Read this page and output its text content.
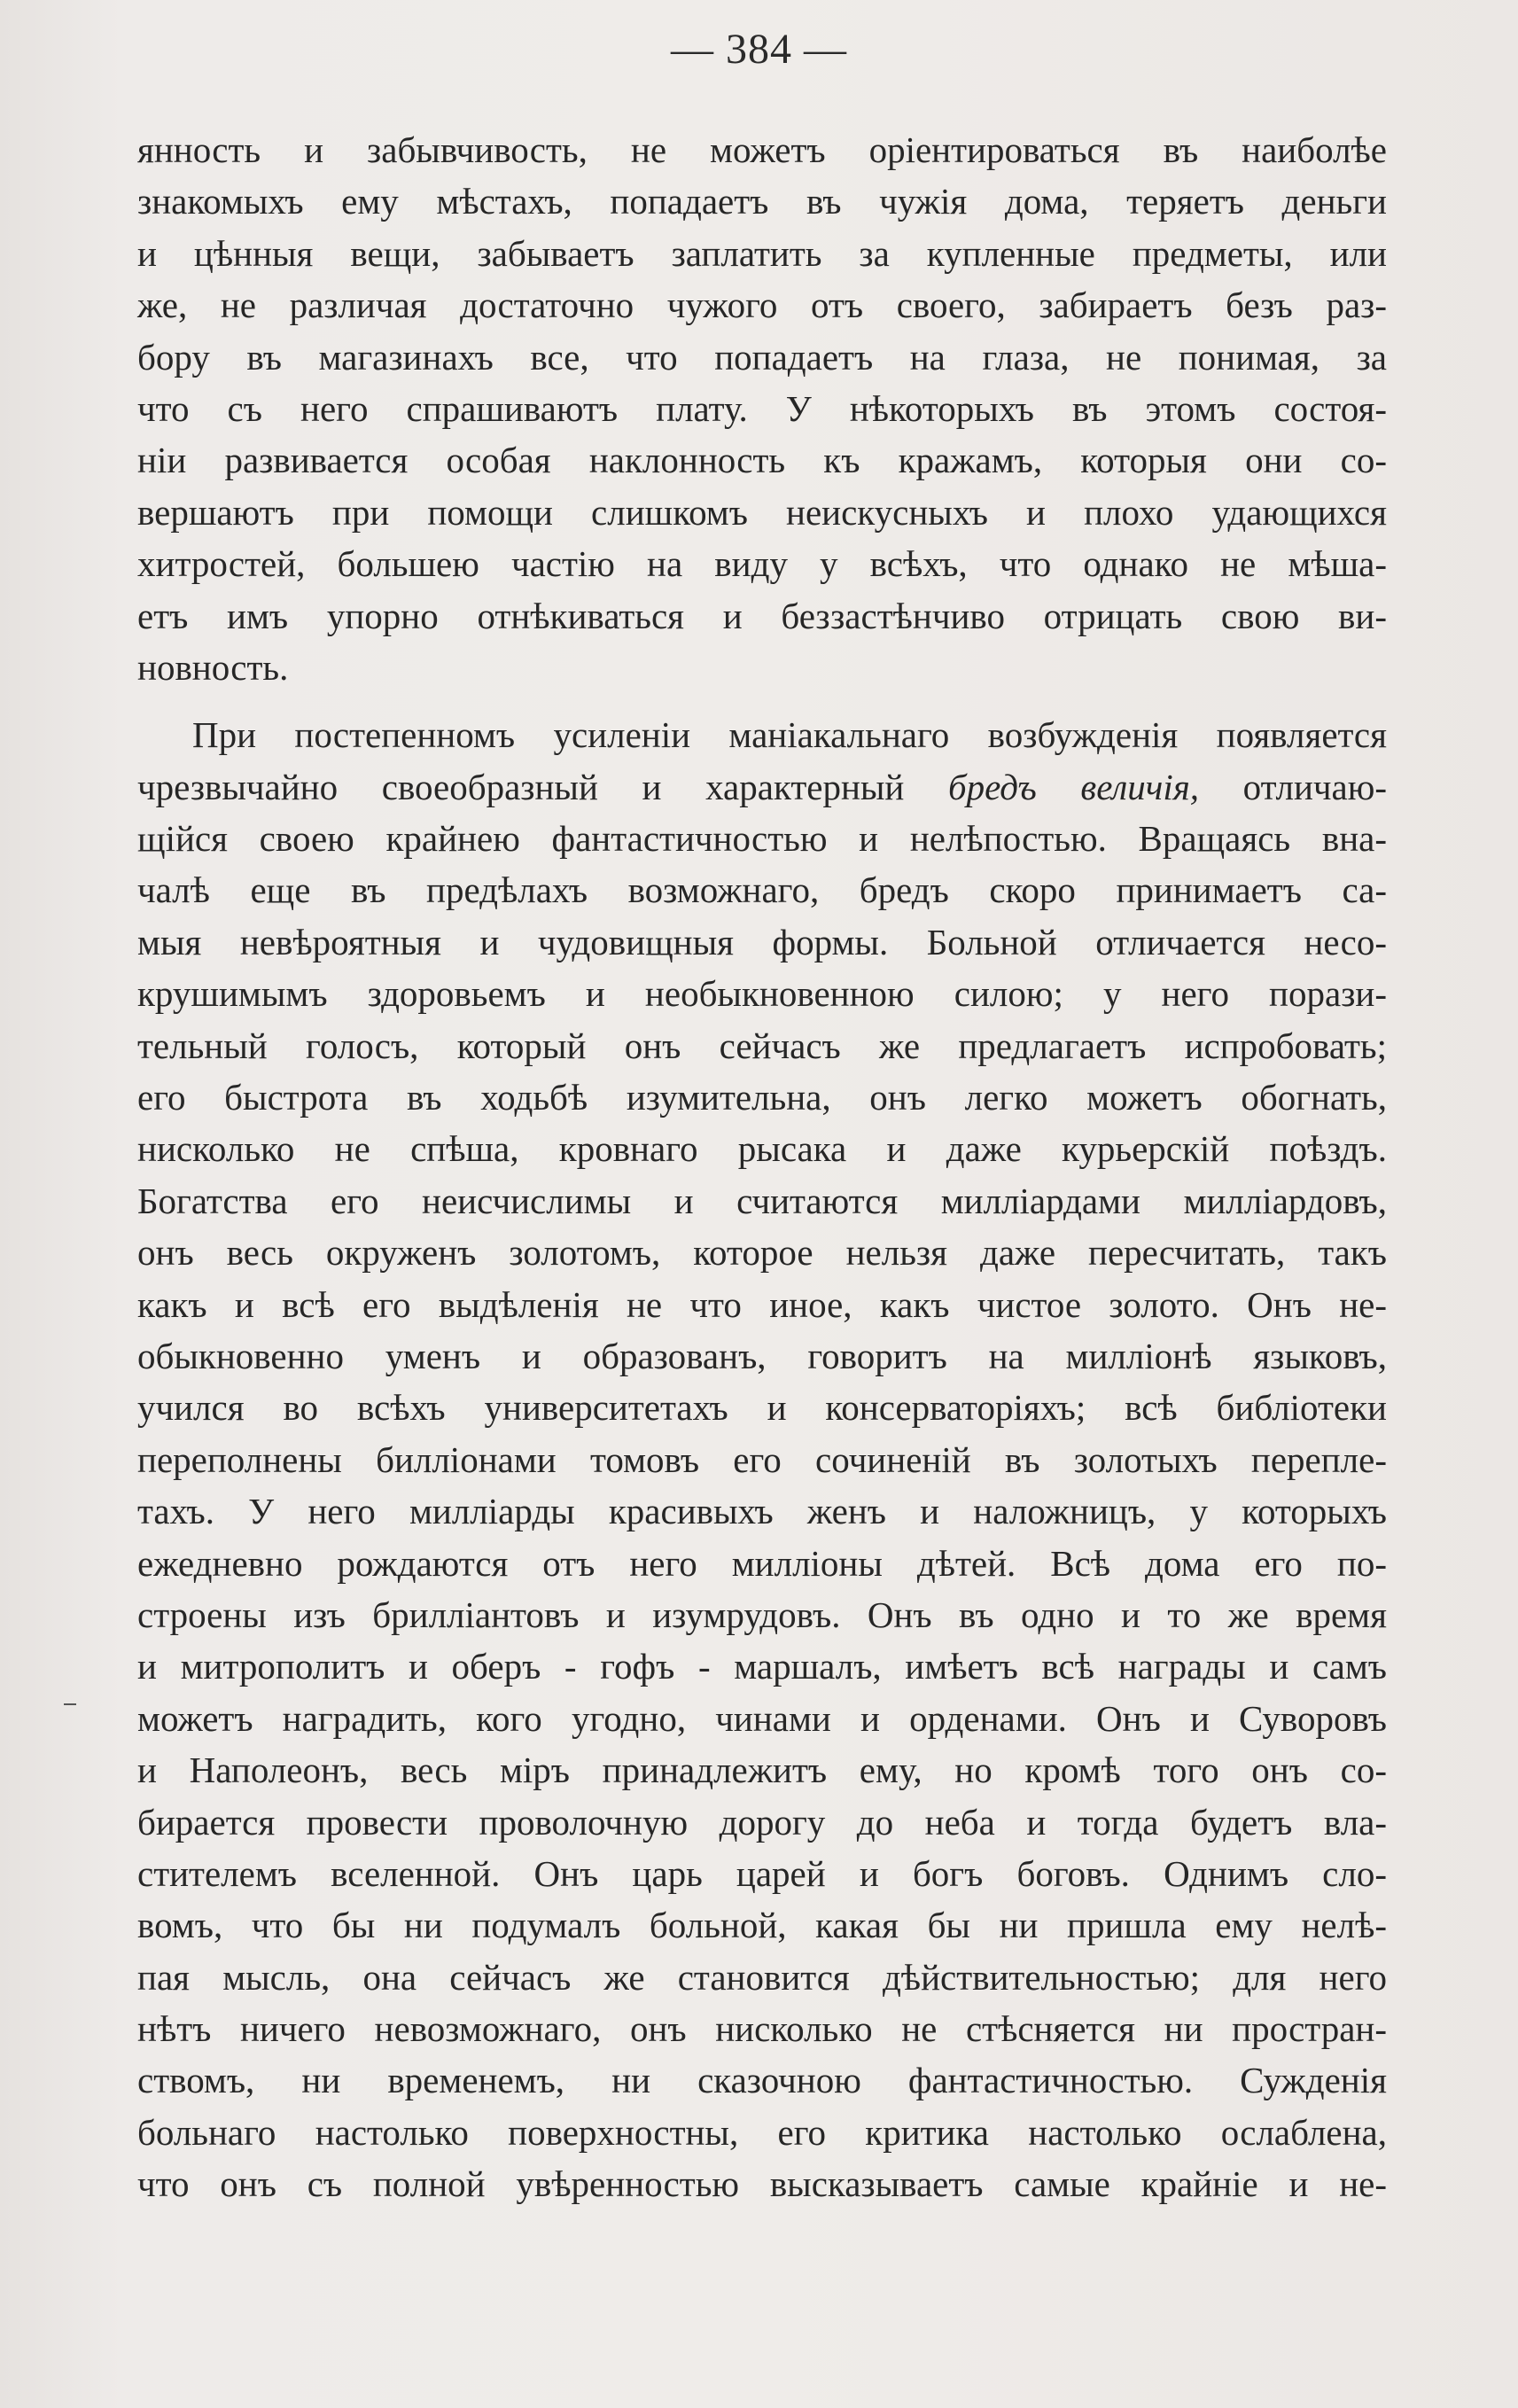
— 384 —
янность и забывчивость, не можетъ оріентироваться въ наиболѣе
знакомыхъ ему мѣстахъ, попадаетъ въ чужія дома, теряетъ деньги
и цѣнныя вещи, забываетъ заплатить за купленные предметы, или
же, не различая достаточно чужого отъ своего, забираетъ безъ раз-
бору въ магазинахъ все, что попадаетъ на глаза, не понимая, за
что съ него спрашиваютъ плату. У нѣкоторыхъ въ этомъ состоя-
ніи развивается особая наклонность къ кражамъ, которыя они со-
вершаютъ при помощи слишкомъ неискусныхъ и плохо удающихся
хитростей, большею частію на виду у всѣхъ, что однако не мѣша-
етъ имъ упорно отнѣкиваться и беззастѣнчиво отрицать свою ви-
новность.
При постепенномъ усиленіи маніакальнаго возбужденія появляется
чрезвычайно своеобразный и характерный бредъ величія, отличаю-
щійся своею крайнею фантастичностью и нелѣпостью. Вращаясь вна-
чалѣ еще въ предѣлахъ возможнаго, бредъ скоро принимаетъ са-
мыя невѣроятныя и чудовищныя формы. Больной отличается несо-
крушимымъ здоровьемъ и необыкновенною силою; у него порази-
тельный голосъ, который онъ сейчасъ же предлагаетъ испробовать;
его быстрота въ ходьбѣ изумительна, онъ легко можетъ обогнать,
нисколько не спѣша, кровнаго рысака и даже курьерскій поѣздъ.
Богатства его неисчислимы и считаются милліардами милліардовъ,
онъ весь окруженъ золотомъ, которое нельзя даже пересчитать, такъ
какъ и всѣ его выдѣленія не что иное, какъ чистое золото. Онъ не-
обыкновенно уменъ и образованъ, говоритъ на милліонѣ языковъ,
учился во всѣхъ университетахъ и консерваторіяхъ; всѣ библіотеки
переполнены билліонами томовъ его сочиненій въ золотыхъ перепле-
тахъ. У него милліарды красивыхъ женъ и наложницъ, у которыхъ
ежедневно рождаются отъ него милліоны дѣтей. Всѣ дома его по-
строены изъ бриллiантовъ и изумрудовъ. Онъ въ одно и то же время
и митрополитъ и оберъ - гофъ - маршалъ, имѣетъ всѣ награды и самъ
можетъ наградить, кого угодно, чинами и орденами. Онъ и Суворовъ
и Наполеонъ, весь міръ принадлежитъ ему, но кромѣ того онъ со-
бирается провести проволочную дорогу до неба и тогда будетъ вла-
стителемъ вселенной. Онъ царь царей и богъ боговъ. Однимъ сло-
вомъ, что бы ни подумалъ больной, какая бы ни пришла ему нелѣ-
пая мысль, она сейчасъ же становится дѣйствительностью; для него
нѣтъ ничего невозможнаго, онъ нисколько не стѣсняется ни простран-
ствомъ, ни временемъ, ни сказочною фантастичностью. Сужденія
больнаго настолько поверхностны, его критика настолько ослаблена,
что онъ съ полной увѣренностью высказываетъ самые крайніе и не-
